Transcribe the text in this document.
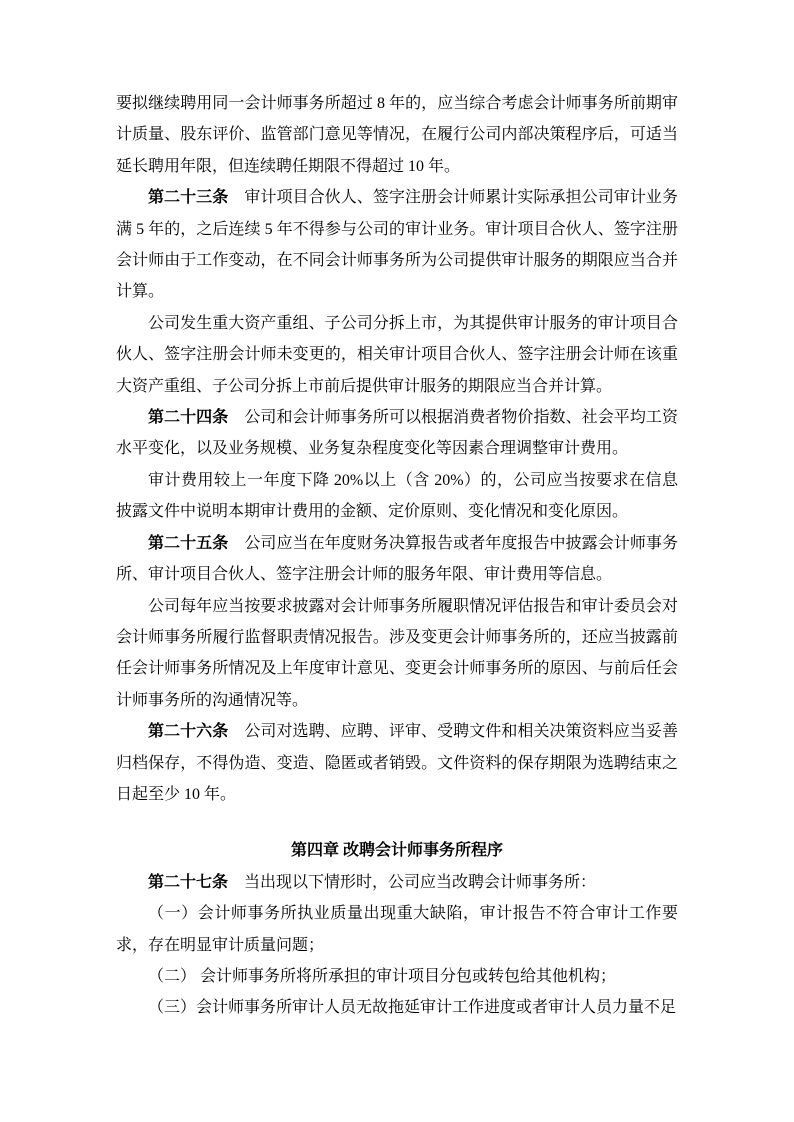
要拟继续聘用同一会计师事务所超过 8 年的，应当综合考虑会计师事务所前期审计质量、股东评价、监管部门意见等情况，在履行公司内部决策程序后，可适当延长聘用年限，但连续聘任期限不得超过 10 年。

第二十三条　审计项目合伙人、签字注册会计师累计实际承担公司审计业务满 5 年的，之后连续 5 年不得参与公司的审计业务。审计项目合伙人、签字注册会计师由于工作变动，在不同会计师事务所为公司提供审计服务的期限应当合并计算。

公司发生重大资产重组、子公司分拆上市，为其提供审计服务的审计项目合伙人、签字注册会计师未变更的，相关审计项目合伙人、签字注册会计师在该重大资产重组、子公司分拆上市前后提供审计服务的期限应当合并计算。

第二十四条　公司和会计师事务所可以根据消费者物价指数、社会平均工资水平变化，以及业务规模、业务复杂程度变化等因素合理调整审计费用。

审计费用较上一年度下降 20%以上（含 20%）的，公司应当按要求在信息披露文件中说明本期审计费用的金额、定价原则、变化情况和变化原因。

第二十五条　公司应当在年度财务决算报告或者年度报告中披露会计师事务所、审计项目合伙人、签字注册会计师的服务年限、审计费用等信息。

公司每年应当按要求披露对会计师事务所履职情况评估报告和审计委员会对会计师事务所履行监督职责情况报告。涉及变更会计师事务所的，还应当披露前任会计师事务所情况及上年度审计意见、变更会计师事务所的原因、与前后任会计师事务所的沟通情况等。

第二十六条　公司对选聘、应聘、评审、受聘文件和相关决策资料应当妥善归档保存，不得伪造、变造、隐匿或者销毁。文件资料的保存期限为选聘结束之日起至少 10 年。

第四章 改聘会计师事务所程序

第二十七条　当出现以下情形时，公司应当改聘会计师事务所：

（一）会计师事务所执业质量出现重大缺陷，审计报告不符合审计工作要求，存在明显审计质量问题；

（二） 会计师事务所将所承担的审计项目分包或转包给其他机构；

（三）会计师事务所审计人员无故拖延审计工作进度或者审计人员力量不足
